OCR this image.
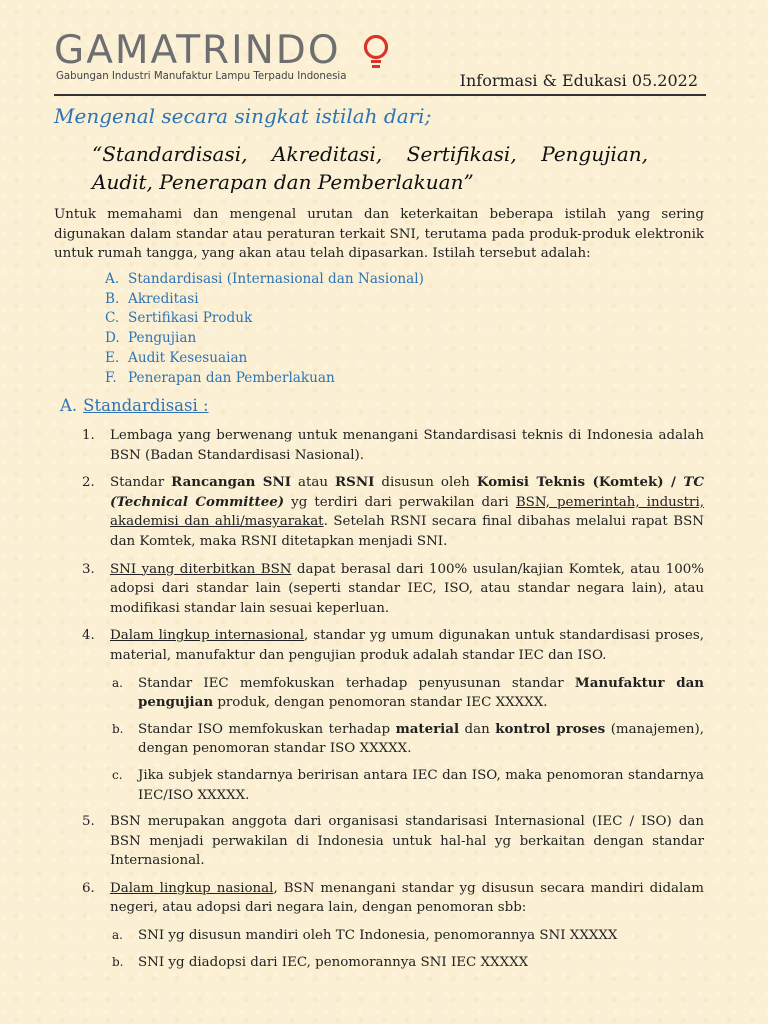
GAMATRINDO
Gabungan Industri Manufaktur Lampu Terpadu Indonesia	Informasi & Edukasi 05.2022
Mengenal secara singkat istilah dari;
“Standardisasi, Akreditasi, Sertifikasi, Pengujian,
Audit, Penerapan dan Pemberlakuan”
Untuk memahami dan mengenal urutan dan keterkaitan beberapa istilah yang sering digunakan dalam standar atau peraturan terkait SNI, terutama pada produk-produk elektronik untuk rumah tangga, yang akan atau telah dipasarkan. Istilah tersebut adalah:
A. Standardisasi (Internasional dan Nasional)
B. Akreditasi
C. Sertifikasi Produk
D. Pengujian
E. Audit Kesesuaian
F. Penerapan dan Pemberlakuan
A. Standardisasi :
1. Lembaga yang berwenang untuk menangani Standardisasi teknis di Indonesia adalah BSN (Badan Standardisasi Nasional).
2. Standar Rancangan SNI atau RSNI disusun oleh Komisi Teknis (Komtek) / TC (Technical Committee) yg terdiri dari perwakilan dari BSN, pemerintah, industri, akademisi dan ahli/masyarakat. Setelah RSNI secara final dibahas melalui rapat BSN dan Komtek, maka RSNI ditetapkan menjadi SNI.
3. SNI yang diterbitkan BSN dapat berasal dari 100% usulan/kajian Komtek, atau 100% adopsi dari standar lain (seperti standar IEC, ISO, atau standar negara lain), atau modifikasi standar lain sesuai keperluan.
4. Dalam lingkup internasional, standar yg umum digunakan untuk standardisasi proses, material, manufaktur dan pengujian produk adalah standar IEC dan ISO.
a. Standar IEC memfokuskan terhadap penyusunan standar Manufaktur dan pengujian produk, dengan penomoran standar IEC XXXXX.
b. Standar ISO memfokuskan terhadap material dan kontrol proses (manajemen), dengan penomoran standar ISO XXXXX.
c. Jika subjek standarnya beririsan antara IEC dan ISO, maka penomoran standarnya IEC/ISO XXXXX.
5. BSN merupakan anggota dari organisasi standarisasi Internasional (IEC / ISO) dan BSN menjadi perwakilan di Indonesia untuk hal-hal yg berkaitan dengan standar Internasional.
6. Dalam lingkup nasional, BSN menangani standar yg disusun secara mandiri didalam negeri, atau adopsi dari negara lain, dengan penomoran sbb:
a. SNI yg disusun mandiri oleh TC Indonesia, penomorannya SNI XXXXX
b. SNI yg diadopsi dari IEC, penomorannya SNI IEC XXXXX
